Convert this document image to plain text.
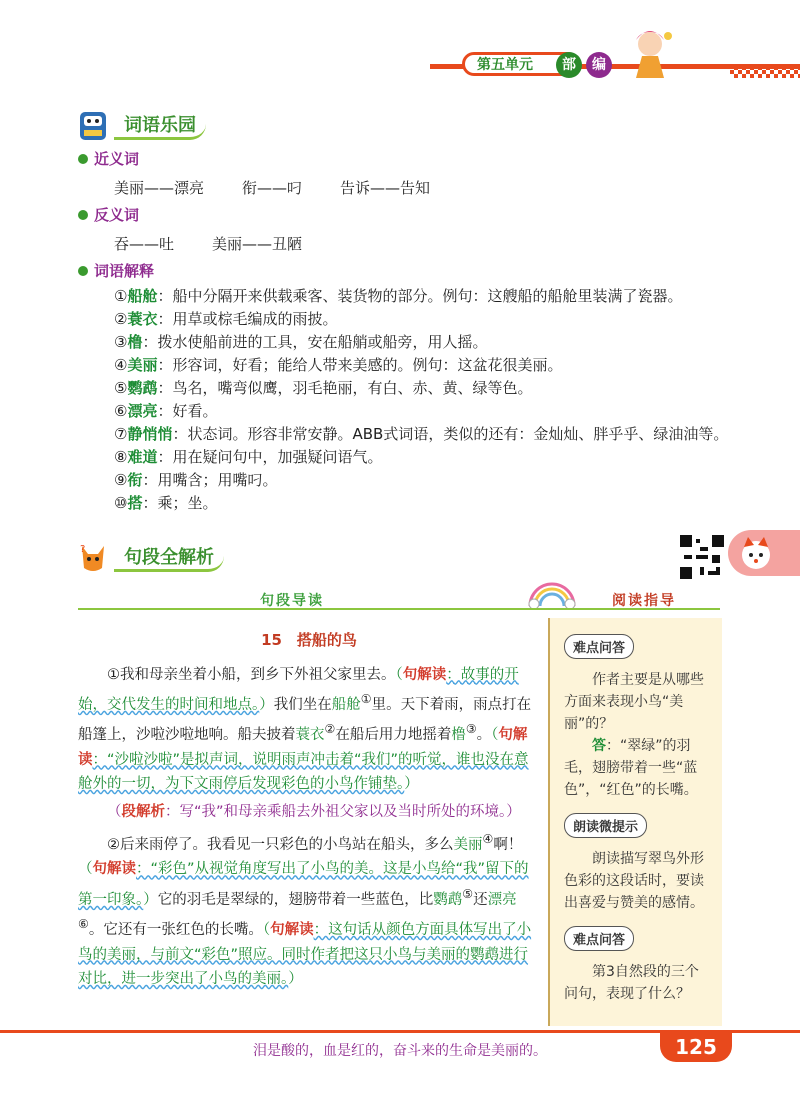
第五单元	部	编
词语乐园
近义词
美丽——漂亮	衔——叼	告诉——告知
反义词
吞——吐	美丽——丑陋
词语解释
①船舱：船中分隔开来供载乘客、装货物的部分。例句：这艘船的船舱里装满了瓷器。
②蓑衣：用草或棕毛编成的雨披。
③橹：拨水使船前进的工具，安在船艄或船旁，用人摇。
④美丽：形容词，好看；能给人带来美感的。例句：这盆花很美丽。
⑤鹦鹉：鸟名，嘴弯似鹰，羽毛艳丽，有白、赤、黄、绿等色。
⑥漂亮：好看。
⑦静悄悄：状态词。形容非常安静。ABB式词语，类似的还有：金灿灿、胖乎乎、绿油油等。
⑧难道：用在疑问句中，加强疑问语气。
⑨衔：用嘴含；用嘴叼。
⑩搭：乘；坐。
?	句段全解析
句段导读	阅读指导

15　搭船的鸟

①我和母亲坐着小船，到乡下外祖父家里去。（句解读：故事的开始，交代发生的时间和地点。）我们坐在船舱①里。天下着雨，雨点打在船篷上，沙啦沙啦地响。船夫披着蓑衣②在船后用力地摇着橹③。（句解读：“沙啦沙啦”是拟声词，说明雨声冲击着“我们”的听觉，谁也没在意舱外的一切，为下文雨停后发现彩色的小鸟作铺垫。）

（段解析：写“我”和母亲乘船去外祖父家以及当时所处的环境。）

②后来雨停了。我看见一只彩色的小鸟站在船头，多么美丽④啊！（句解读：“彩色”从视觉角度写出了小鸟的美。这是小鸟给“我”留下的第一印象。）它的羽毛是翠绿的，翅膀带着一些蓝色，比鹦鹉⑤还漂亮⑥。它还有一张红色的长嘴。（句解读：这句话从颜色方面具体写出了小鸟的美丽，与前文“彩色”照应。同时作者把这只小鸟与美丽的鹦鹉进行对比，进一步突出了小鸟的美丽。）

难点问答
作者主要是从哪些方面来表现小鸟“美丽”的？
答：“翠绿”的羽毛，翅膀带着一些“蓝色”，“红色”的长嘴。
朗读微提示
朗读描写翠鸟外形色彩的这段话时，要读出喜爱与赞美的感情。
难点问答
第3自然段的三个问句，表现了什么？
泪是酸的，血是红的，奋斗来的生命是美丽的。	125
